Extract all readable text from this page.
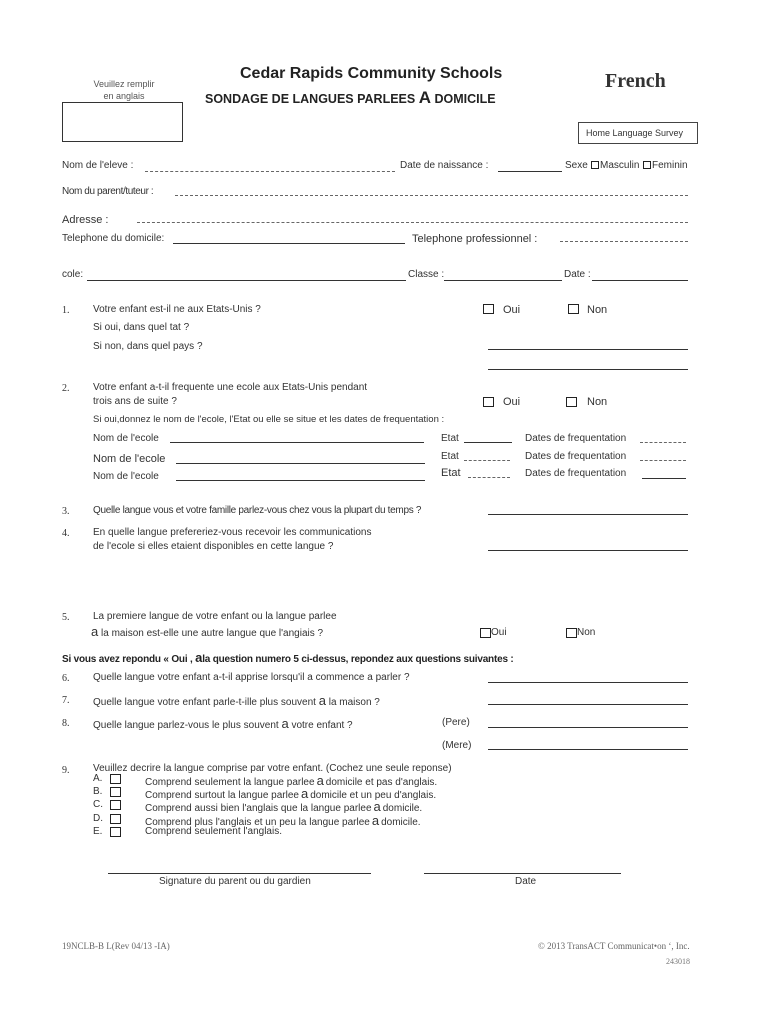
Veuillez remplir
en anglais
Cedar Rapids Community Schools
SONDAGE DE LANGUES PARLEES A DOMICILE
French
Home Language Survey
Nom de l'eleve :	Date de naissance :	Sexe Masculin Feminin
Nom du parent/tuteur :
Adresse :
Telephone du domicile:	Telephone professionnel :
cole:	Classe :	Date :
1. Votre enfant est-il ne aux Etats-Unis ?	Oui	Non
Si oui, dans quel tat ?
Si non, dans quel pays ?
2. Votre enfant a-t-il frequente une ecole aux Etats-Unis pendant
trois ans de suite ?	Oui	Non
Si oui,donnez le nom de l'ecole, l'Etat ou elle se situe et les dates de frequentation :
Nom de l'ecole	Etat	Dates de frequentation
Nom de l'ecole	Etat	Dates de frequentation
Nom de l'ecole	Etat	Dates de frequentation
3. Quelle langue vous et votre famille parlez-vous chez vous la plupart du temps ?
4. En quelle langue prefereriez-vous recevoir les communications
de l'ecole si elles etaient disponibles en cette langue ?
5. La premiere langue de votre enfant ou la langue parlee
a la maison est-elle une autre langue que l'angiais ?	Oui	Non
Si vous avez repondu « Oui , ala question numero 5 ci-dessus, repondez aux questions suivantes :
6. Quelle langue votre enfant a-t-il apprise lorsqu'il a commence a parler ?
7. Quelle langue votre enfant parle-t-ille plus souvent a la maison ?
8. Quelle langue parlez-vous le plus souvent a votre enfant ?	(Pere)
(Mere)
9. Veuillez decrire la langue comprise par votre enfant. (Cochez une seule reponse)
A.	Comprend seulement la langue parlee a domicile et pas d'anglais.
B.	Comprend surtout la langue parlee a domicile et un peu d'anglais.
C.	Comprend aussi bien l'anglais que la langue parlee a domicile.
D.	Comprend plus l'anglais et un peu la langue parlee a domicile.
E.	Comprend seulement l'anglais.
Signature du parent ou du gardien	Date
19NCLB-B L(Rev 04/13 -IA)	© 2013 TransACT Communicat•on ‘, Inc.
243018
